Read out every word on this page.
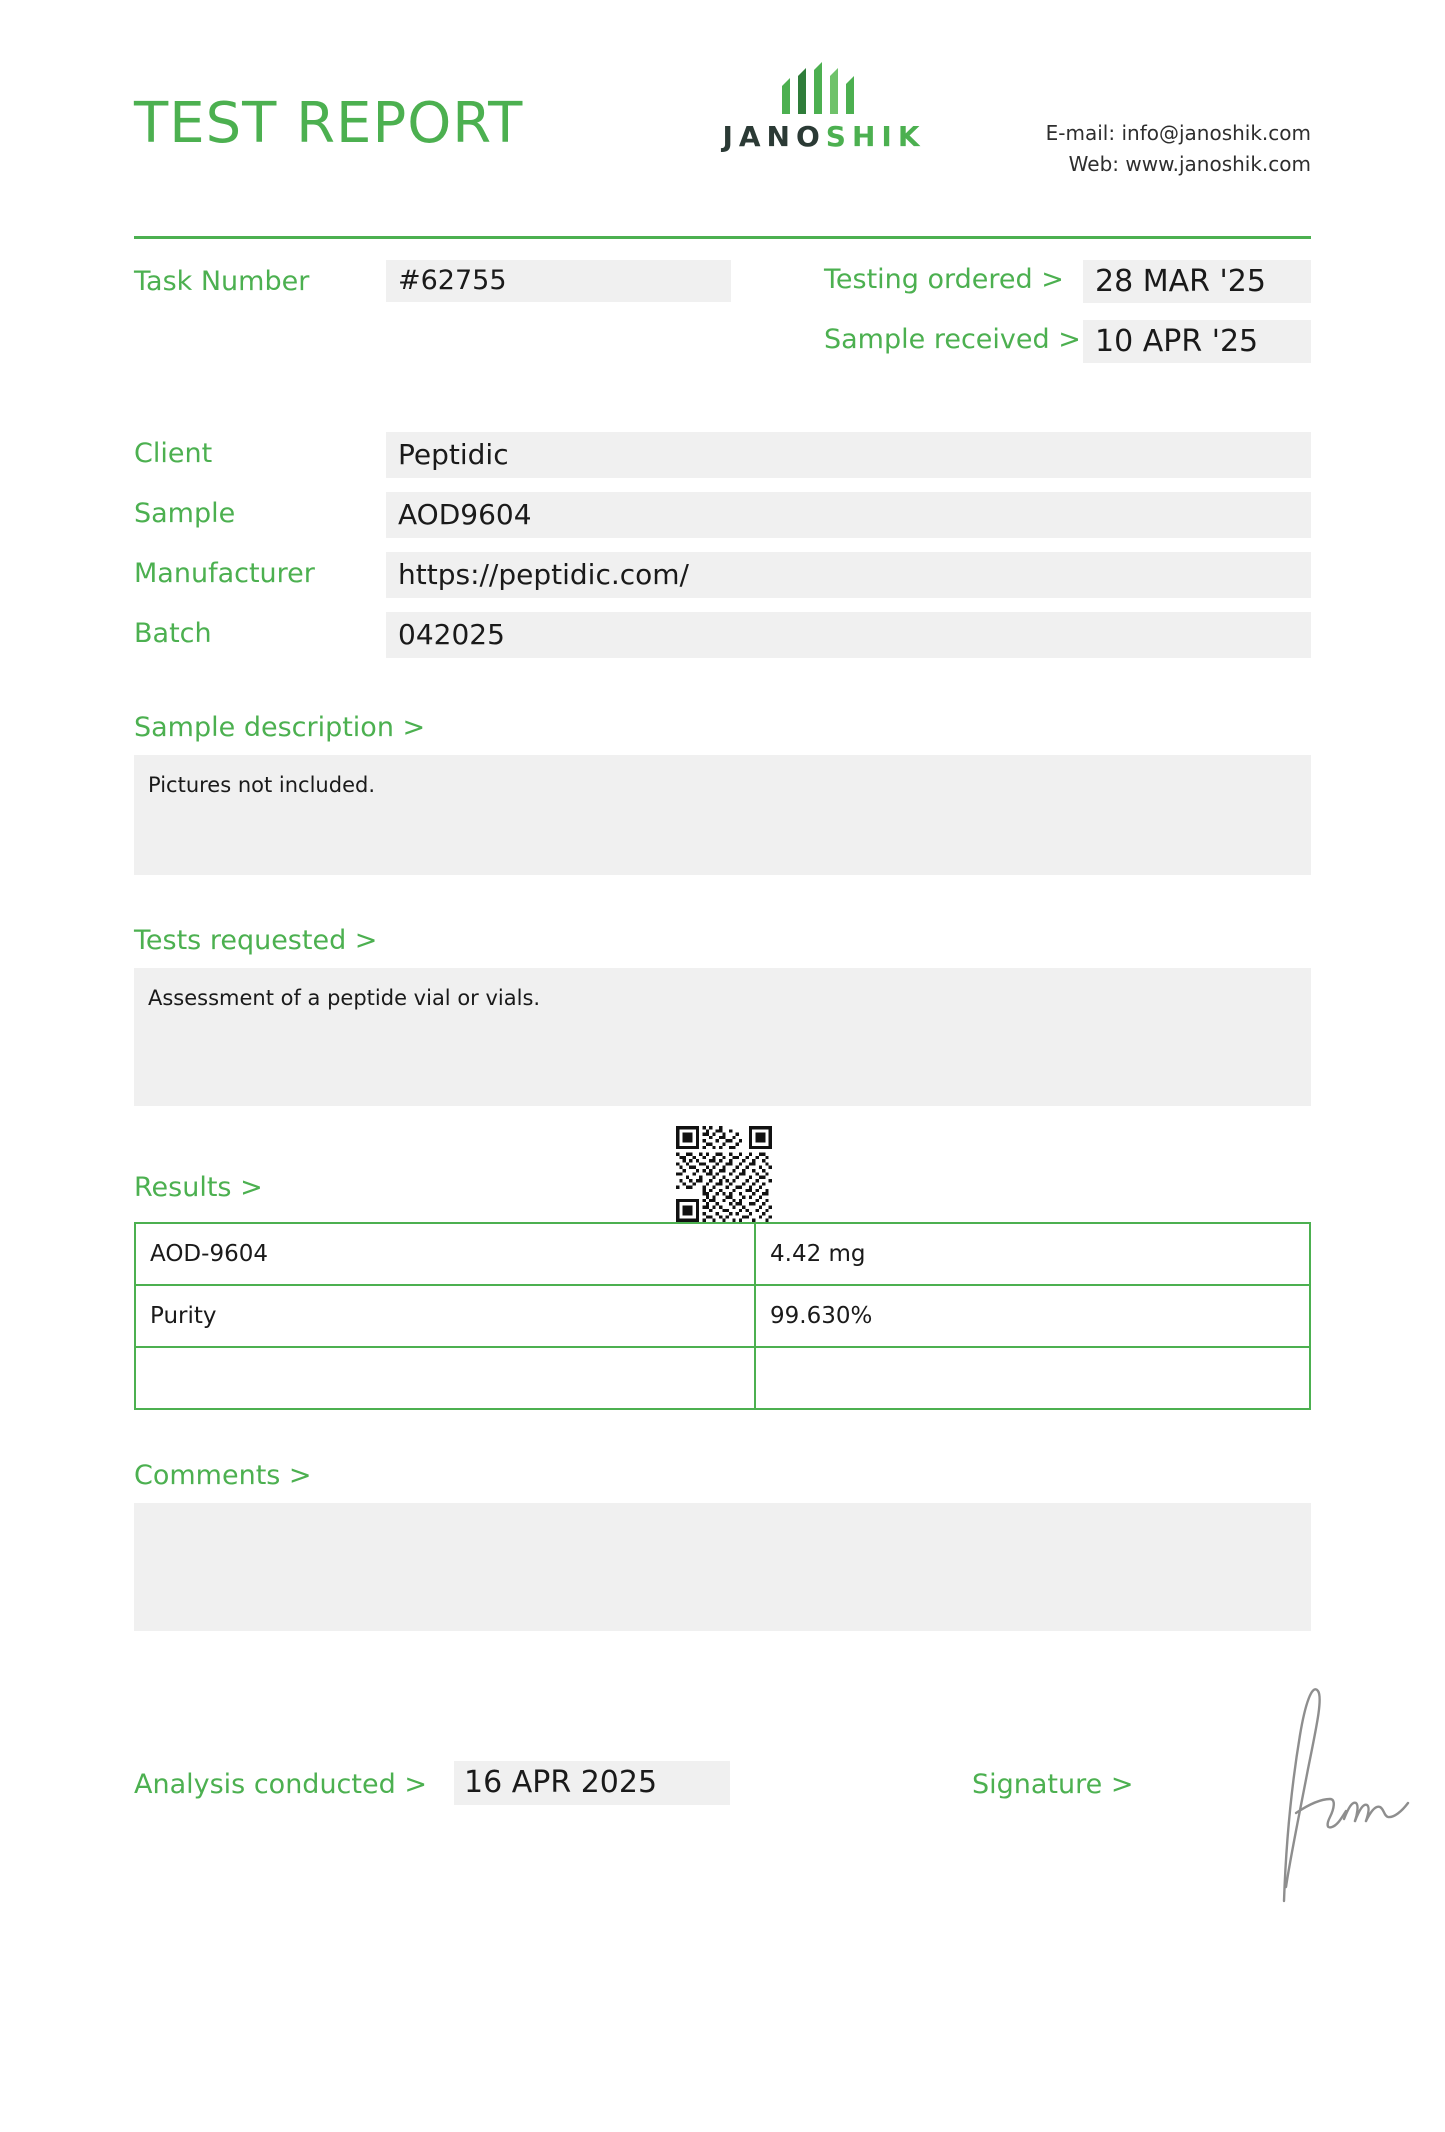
TEST REPORT	JANOSHIK	E-mail: info@janoshik.com
Web: www.janoshik.com
Task Number	#62755	Testing ordered >	28 MAR '25
Sample received > 10 APR '25
Client	Peptidic
Sample	AOD9604
Manufacturer	https://peptidic.com/
Batch	042025
Sample description >
Pictures not included.
Tests requested >
Assessment of a peptide vial or vials.
Results >
AOD-9604	4.42 mg
Purity	99.630%

Comments >
Analysis conducted >	16 APR 2025	Signature >
